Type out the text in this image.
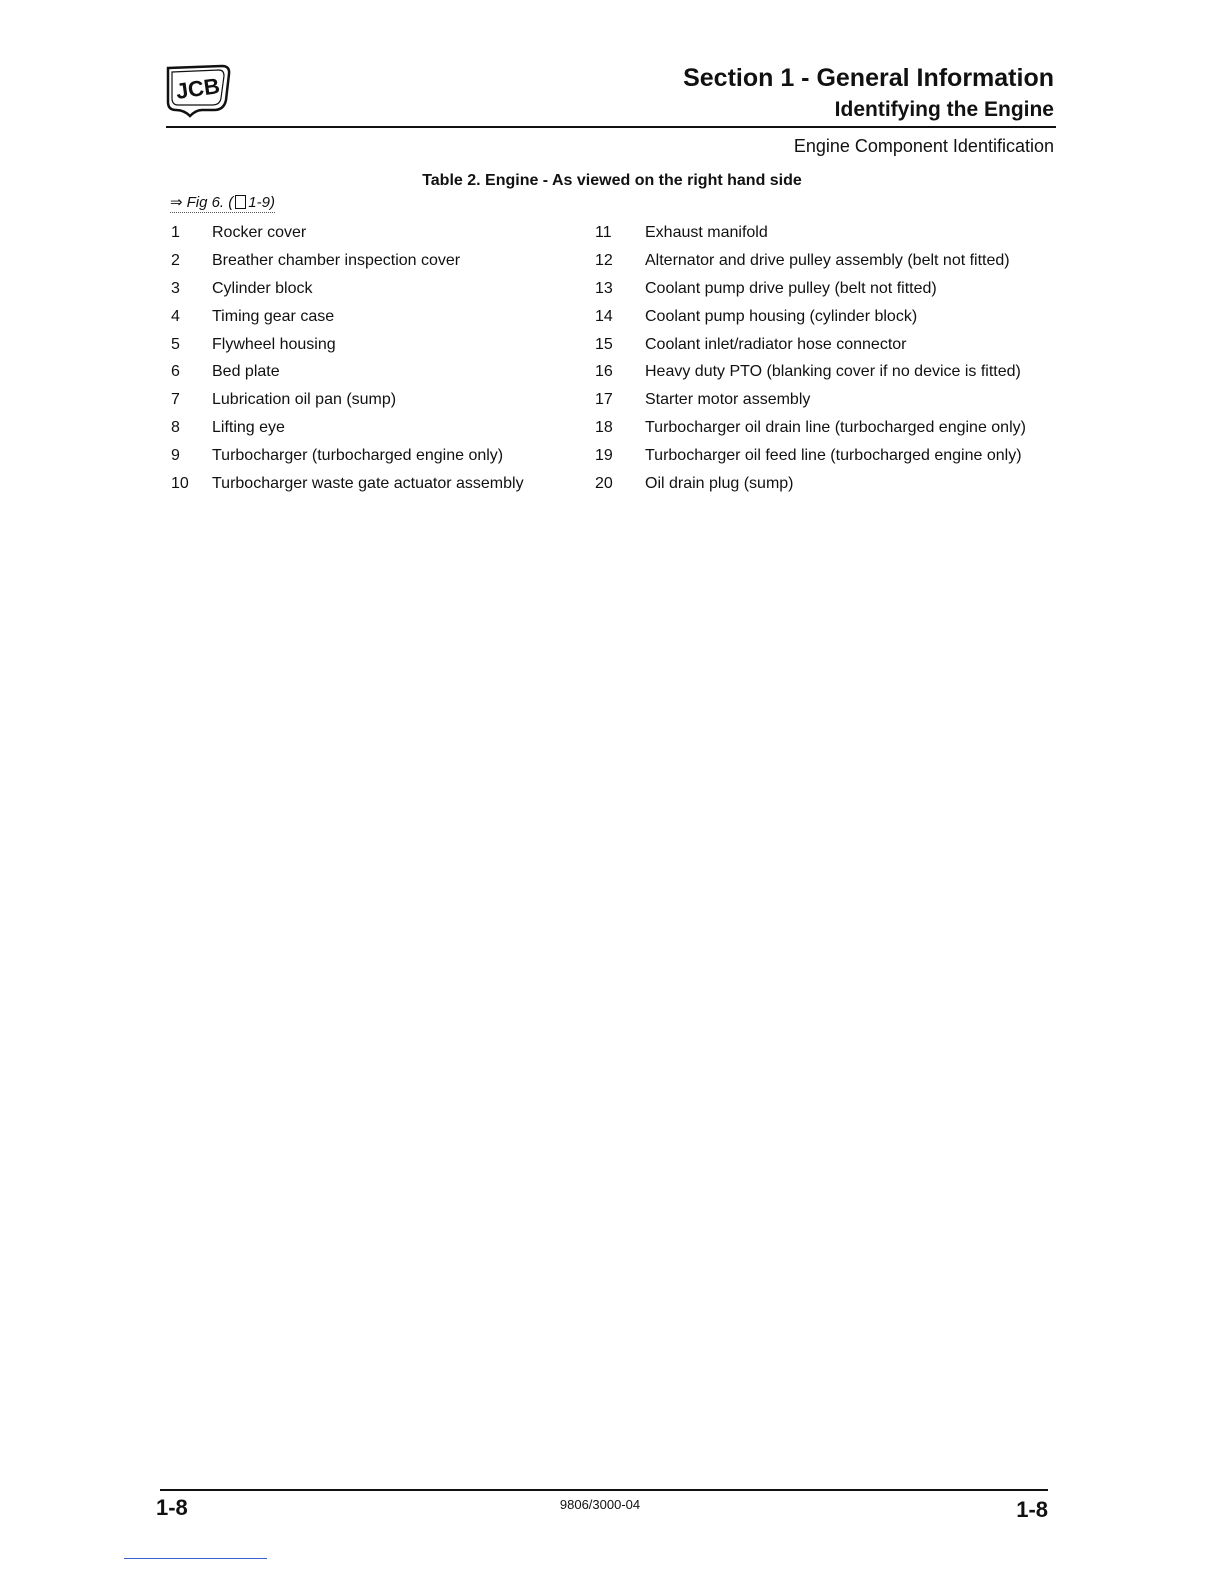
JCB	Section 1 - General Information
Identifying the Engine
Engine Component Identification
Table 2. Engine - As viewed on the right hand side
⇒ Fig 6. ( 1-9)
1	Rocker cover
2	Breather chamber inspection cover
3	Cylinder block
4	Timing gear case
5	Flywheel housing
6	Bed plate
7	Lubrication oil pan (sump)
8	Lifting eye
9	Turbocharger (turbocharged engine only)
10	Turbocharger waste gate actuator assembly
11	Exhaust manifold
12	Alternator and drive pulley assembly (belt not fitted)
13	Coolant pump drive pulley (belt not fitted)
14	Coolant pump housing (cylinder block)
15	Coolant inlet/radiator hose connector
16	Heavy duty PTO (blanking cover if no device is fitted)
17	Starter motor assembly
18	Turbocharger oil drain line (turbocharged engine only)
19	Turbocharger oil feed line (turbocharged engine only)
20	Oil drain plug (sump)
1-8	9806/3000-04	1-8
